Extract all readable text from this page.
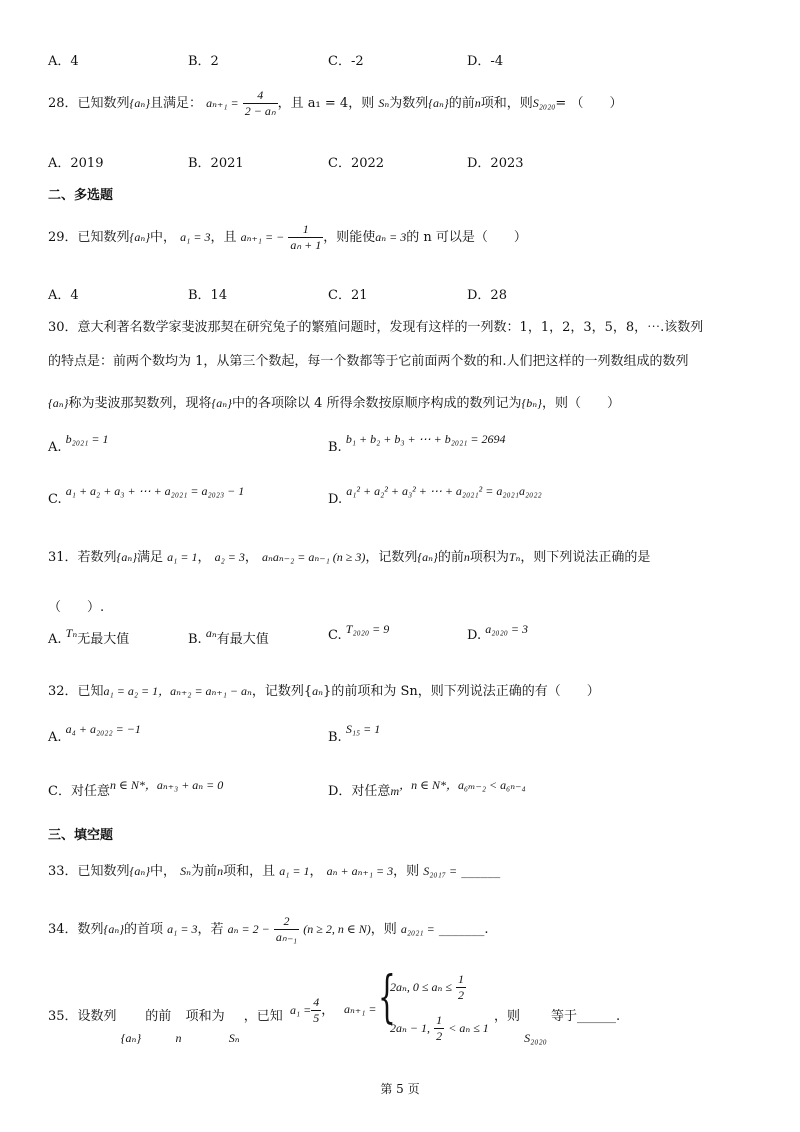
A．4	B．2	C．-2	D．-4
28．已知数列{aₙ}且满足： $a_{n+1} = \frac{4}{\text{2 − aₙ}}$ ，且 a₁ = 4，则 Sₙ为数列{aₙ}的前n项和，则S₂₀₂₀= （　　）
A．2019	B．2021	C．2022	D．2023
二、多选题
29．已知数列{aₙ}中， a₁ = 3，且 aₙ₊₁ = − $\frac{1}{\text{aₙ + 1}}$ ，则能使aₙ = 3的 n 可以是（　　）
A．4	B．14	C．21	D．28
30．意大利著名数学家斐波那契在研究兔子的繁殖问题时，发现有这样的一列数：1，1，2，3，5，8，⋯.该数列
的特点是：前两个数均为 1，从第三个数起，每一个数都等于它前面两个数的和.人们把这样的一列数组成的数列
{aₙ}称为斐波那契数列，现将{aₙ}中的各项除以 4 所得余数按原顺序构成的数列记为{bₙ}，则（　　）
A. b₂₀₂₁ = 1
B. b₁ + b₂ + b₃ + ⋯ + b₂₀₂₁ = 2694
C. a₁ + a₂ + a₃ + ⋯ + a₂₀₂₁ = a₂₀₂₃ − 1
D. a₁² + a₂² + a₃² + ⋯ + a₂₀₂₁² = a₂₀₂₁a₂₀₂₂
31．若数列{aₙ}满足 a₁ = 1， a₂ = 3， aₙaₙ₋₂ = aₙ₋₁ (n ≥ 3)，记数列{aₙ}的前n项积为Tₙ，则下列说法正确的是
（　　）.
A. Tₙ无最大值	B. aₙ有最大值	C. T₂₀₂₀ = 9	D. a₂₀₂₀ = 3
32．已知a₁ = a₂ = 1，aₙ₊₂ = aₙ₊₁ − aₙ，记数列{aₙ}的前项和为 Sn，则下列说法正确的有（　　）
A. a₄ + a₂₀₂₂ = −1
B. S₁₅ = 1
C．对任意n ∈ N*，aₙ₊₃ + aₙ = 0	D．对任意m，n ∈ N*，a₆ₘ₋₂ < a₆ₙ₋₄
三、填空题
33．已知数列{aₙ}中， Sₙ为前n项和，且 a₁ = 1， aₙ + aₙ₊₁ = 3，则 S₂₀₁₇ = ______
34．数列{aₙ}的首项 a₁ = 3，若 $a_n = 2 - \frac{2}{\text{aₙ₋₁}} (n \ge 2$, n ∈ N)，则 a₂₀₂₁ = _______.
35．设数列 {aₙ} 的前 n 项和为 Sₙ ，已知 $a_1 = \frac{4}{5}$ ， aₙ₊₁ = {
2aₙ, $0 \le a_n \le \frac{1}{2}$
2aₙ − 1, $\frac{1}{2} < a_n \le 1$
，则 S₂₀₂₀ 等于______.
第 5 页
